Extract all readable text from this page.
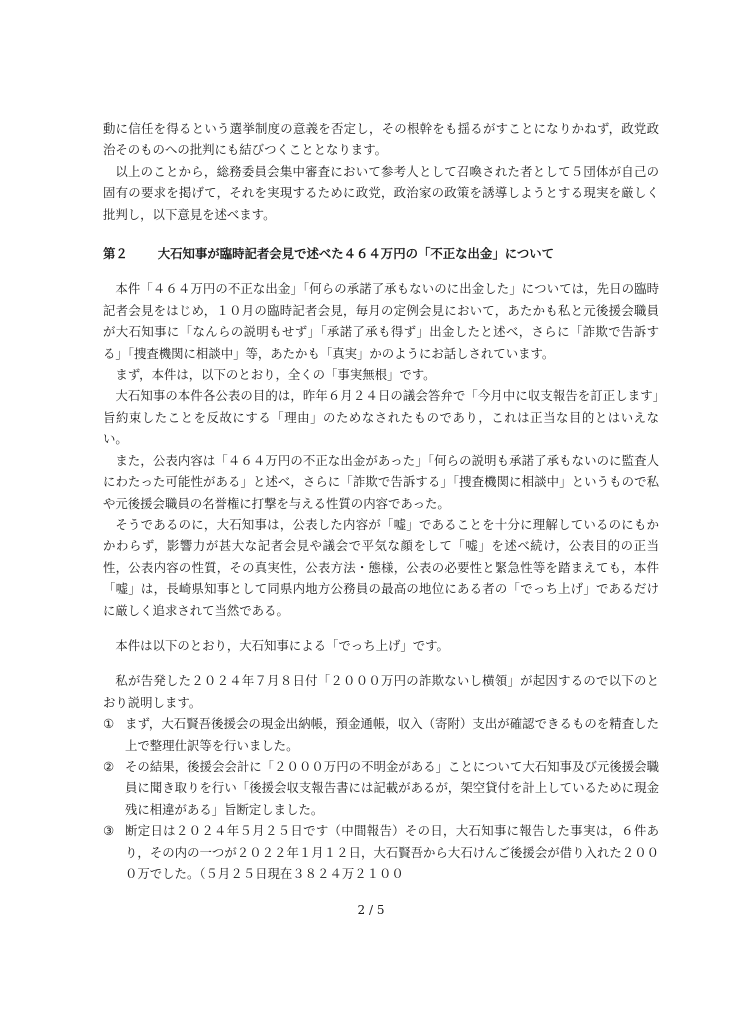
動に信任を得るという選挙制度の意義を否定し，その根幹をも揺るがすことになりかねず，政党政治そのものへの批判にも結びつくこととなります。

以上のことから，総務委員会集中審査において参考人として召喚された者として５団体が自己の固有の要求を掲げて，それを実現するために政党，政治家の政策を誘導しようとする現実を厳しく批判し，以下意見を述べます。

第２ 大石知事が臨時記者会見で述べた４６４万円の「不正な出金」について

本件「４６４万円の不正な出金」「何らの承諾了承もないのに出金した」については，先日の臨時記者会見をはじめ，１０月の臨時記者会見，毎月の定例会見において，あたかも私と元後援会職員が大石知事に「なんらの説明もせず」「承諾了承も得ず」出金したと述べ，さらに「詐欺で告訴する」「捜査機関に相談中」等，あたかも「真実」かのようにお話しされています。

まず，本件は，以下のとおり，全くの「事実無根」です。

大石知事の本件各公表の目的は，昨年６月２４日の議会答弁で「今月中に収支報告を訂正します」旨約束したことを反故にする「理由」のためなされたものであり，これは正当な目的とはいえない。

また，公表内容は「４６４万円の不正な出金があった」「何らの説明も承諾了承もないのに監査人にわたった可能性がある」と述べ，さらに「詐欺で告訴する」「捜査機関に相談中」というもので私や元後援会職員の名誉権に打撃を与える性質の内容であった。

そうであるのに，大石知事は，公表した内容が「嘘」であることを十分に理解しているのにもかかわらず，影響力が甚大な記者会見や議会で平気な顔をして「嘘」を述べ続け，公表目的の正当性，公表内容の性質，その真実性，公表方法・態様，公表の必要性と緊急性等を踏まえても，本件「嘘」は，長崎県知事として同県内地方公務員の最高の地位にある者の「でっち上げ」であるだけに厳しく追求されて当然である。

本件は以下のとおり，大石知事による「でっち上げ」です。

私が告発した２０２４年７月８日付「２０００万円の詐欺ないし横領」が起因するので以下のとおり説明します。

① まず，大石賢吾後援会の現金出納帳，預金通帳，収入（寄附）支出が確認できるものを精査した上で整理仕訳等を行いました。
② その結果，後援会会計に「２０００万円の不明金がある」ことについて大石知事及び元後援会職員に聞き取りを行い「後援会収支報告書には記載があるが，架空貸付を計上しているために現金残に相違がある」旨断定しました。
③ 断定日は２０２４年５月２５日です（中間報告）その日，大石知事に報告した事実は，６件あり，その内の一つが２０２２年１月１２日，大石賢吾から大石けんご後援会が借り入れた２０００万でした。（５月２５日現在３８２４万２１００
2 / 5
